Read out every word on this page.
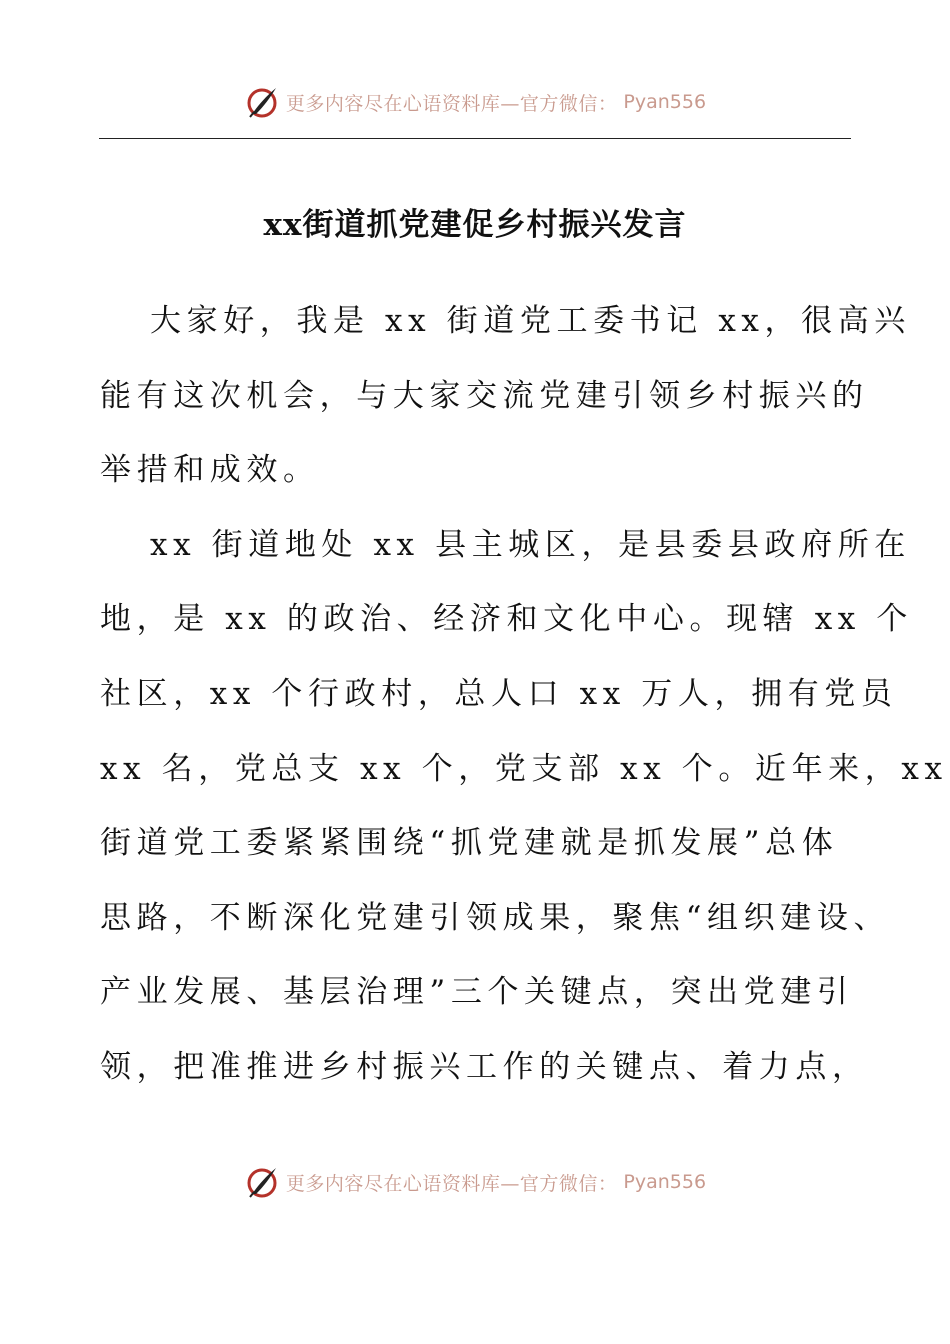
更多内容尽在心语资料库—官方微信： Pyan556
xx街道抓党建促乡村振兴发言
大家好，我是 xx 街道党工委书记 xx，很高兴
能有这次机会，与大家交流党建引领乡村振兴的
举措和成效。
xx 街道地处 xx 县主城区，是县委县政府所在
地，是 xx 的政治、经济和文化中心。现辖 xx 个
社区，xx 个行政村，总人口 xx 万人，拥有党员
xx 名，党总支 xx 个，党支部 xx 个。近年来，xx
街道党工委紧紧围绕“抓党建就是抓发展”总体
思路，不断深化党建引领成果，聚焦“组织建设、
产业发展、基层治理”三个关键点，突出党建引
领，把准推进乡村振兴工作的关键点、着力点，
更多内容尽在心语资料库—官方微信： Pyan556
